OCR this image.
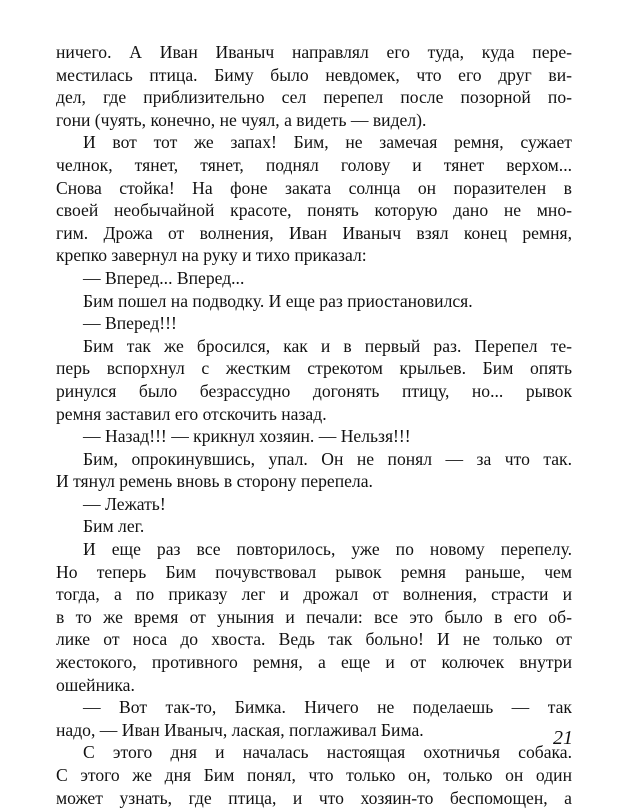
ничего. А Иван Иваныч направлял его туда, куда пере-
местилась птица. Биму было невдомек, что его друг ви-
дел, где приблизительно сел перепел после позорной по-
гони (чуять, конечно, не чуял, а видеть — видел).
И вот тот же запах! Бим, не замечая ремня, сужает
челнок, тянет, тянет, поднял голову и тянет верхом...
Снова стойка! На фоне заката солнца он поразителен в
своей необычайной красоте, понять которую дано не мно-
гим. Дрожа от волнения, Иван Иваныч взял конец ремня,
крепко завернул на руку и тихо приказал:
— Вперед... Вперед...
Бим пошел на подводку. И еще раз приостановился.
— Вперед!!!
Бим так же бросился, как и в первый раз. Перепел те-
перь вспорхнул с жестким стрекотом крыльев. Бим опять
ринулся было безрассудно догонять птицу, но... рывок
ремня заставил его отскочить назад.
— Назад!!! — крикнул хозяин. — Нельзя!!!
Бим, опрокинувшись, упал. Он не понял — за что так.
И тянул ремень вновь в сторону перепела.
— Лежать!
Бим лег.
И еще раз все повторилось, уже по новому перепелу.
Но теперь Бим почувствовал рывок ремня раньше, чем
тогда, а по приказу лег и дрожал от волнения, страсти и
в то же время от уныния и печали: все это было в его об-
лике от носа до хвоста. Ведь так больно! И не только от
жестокого, противного ремня, а еще и от колючек внутри
ошейника.
— Вот так-то, Бимка. Ничего не поделаешь — так
надо, — Иван Иваныч, лаская, поглаживал Бима.
С этого дня и началась настоящая охотничья собака.
С этого же дня Бим понял, что только он, только он один
может узнать, где птица, и что хозяин-то беспомощен, а
21
